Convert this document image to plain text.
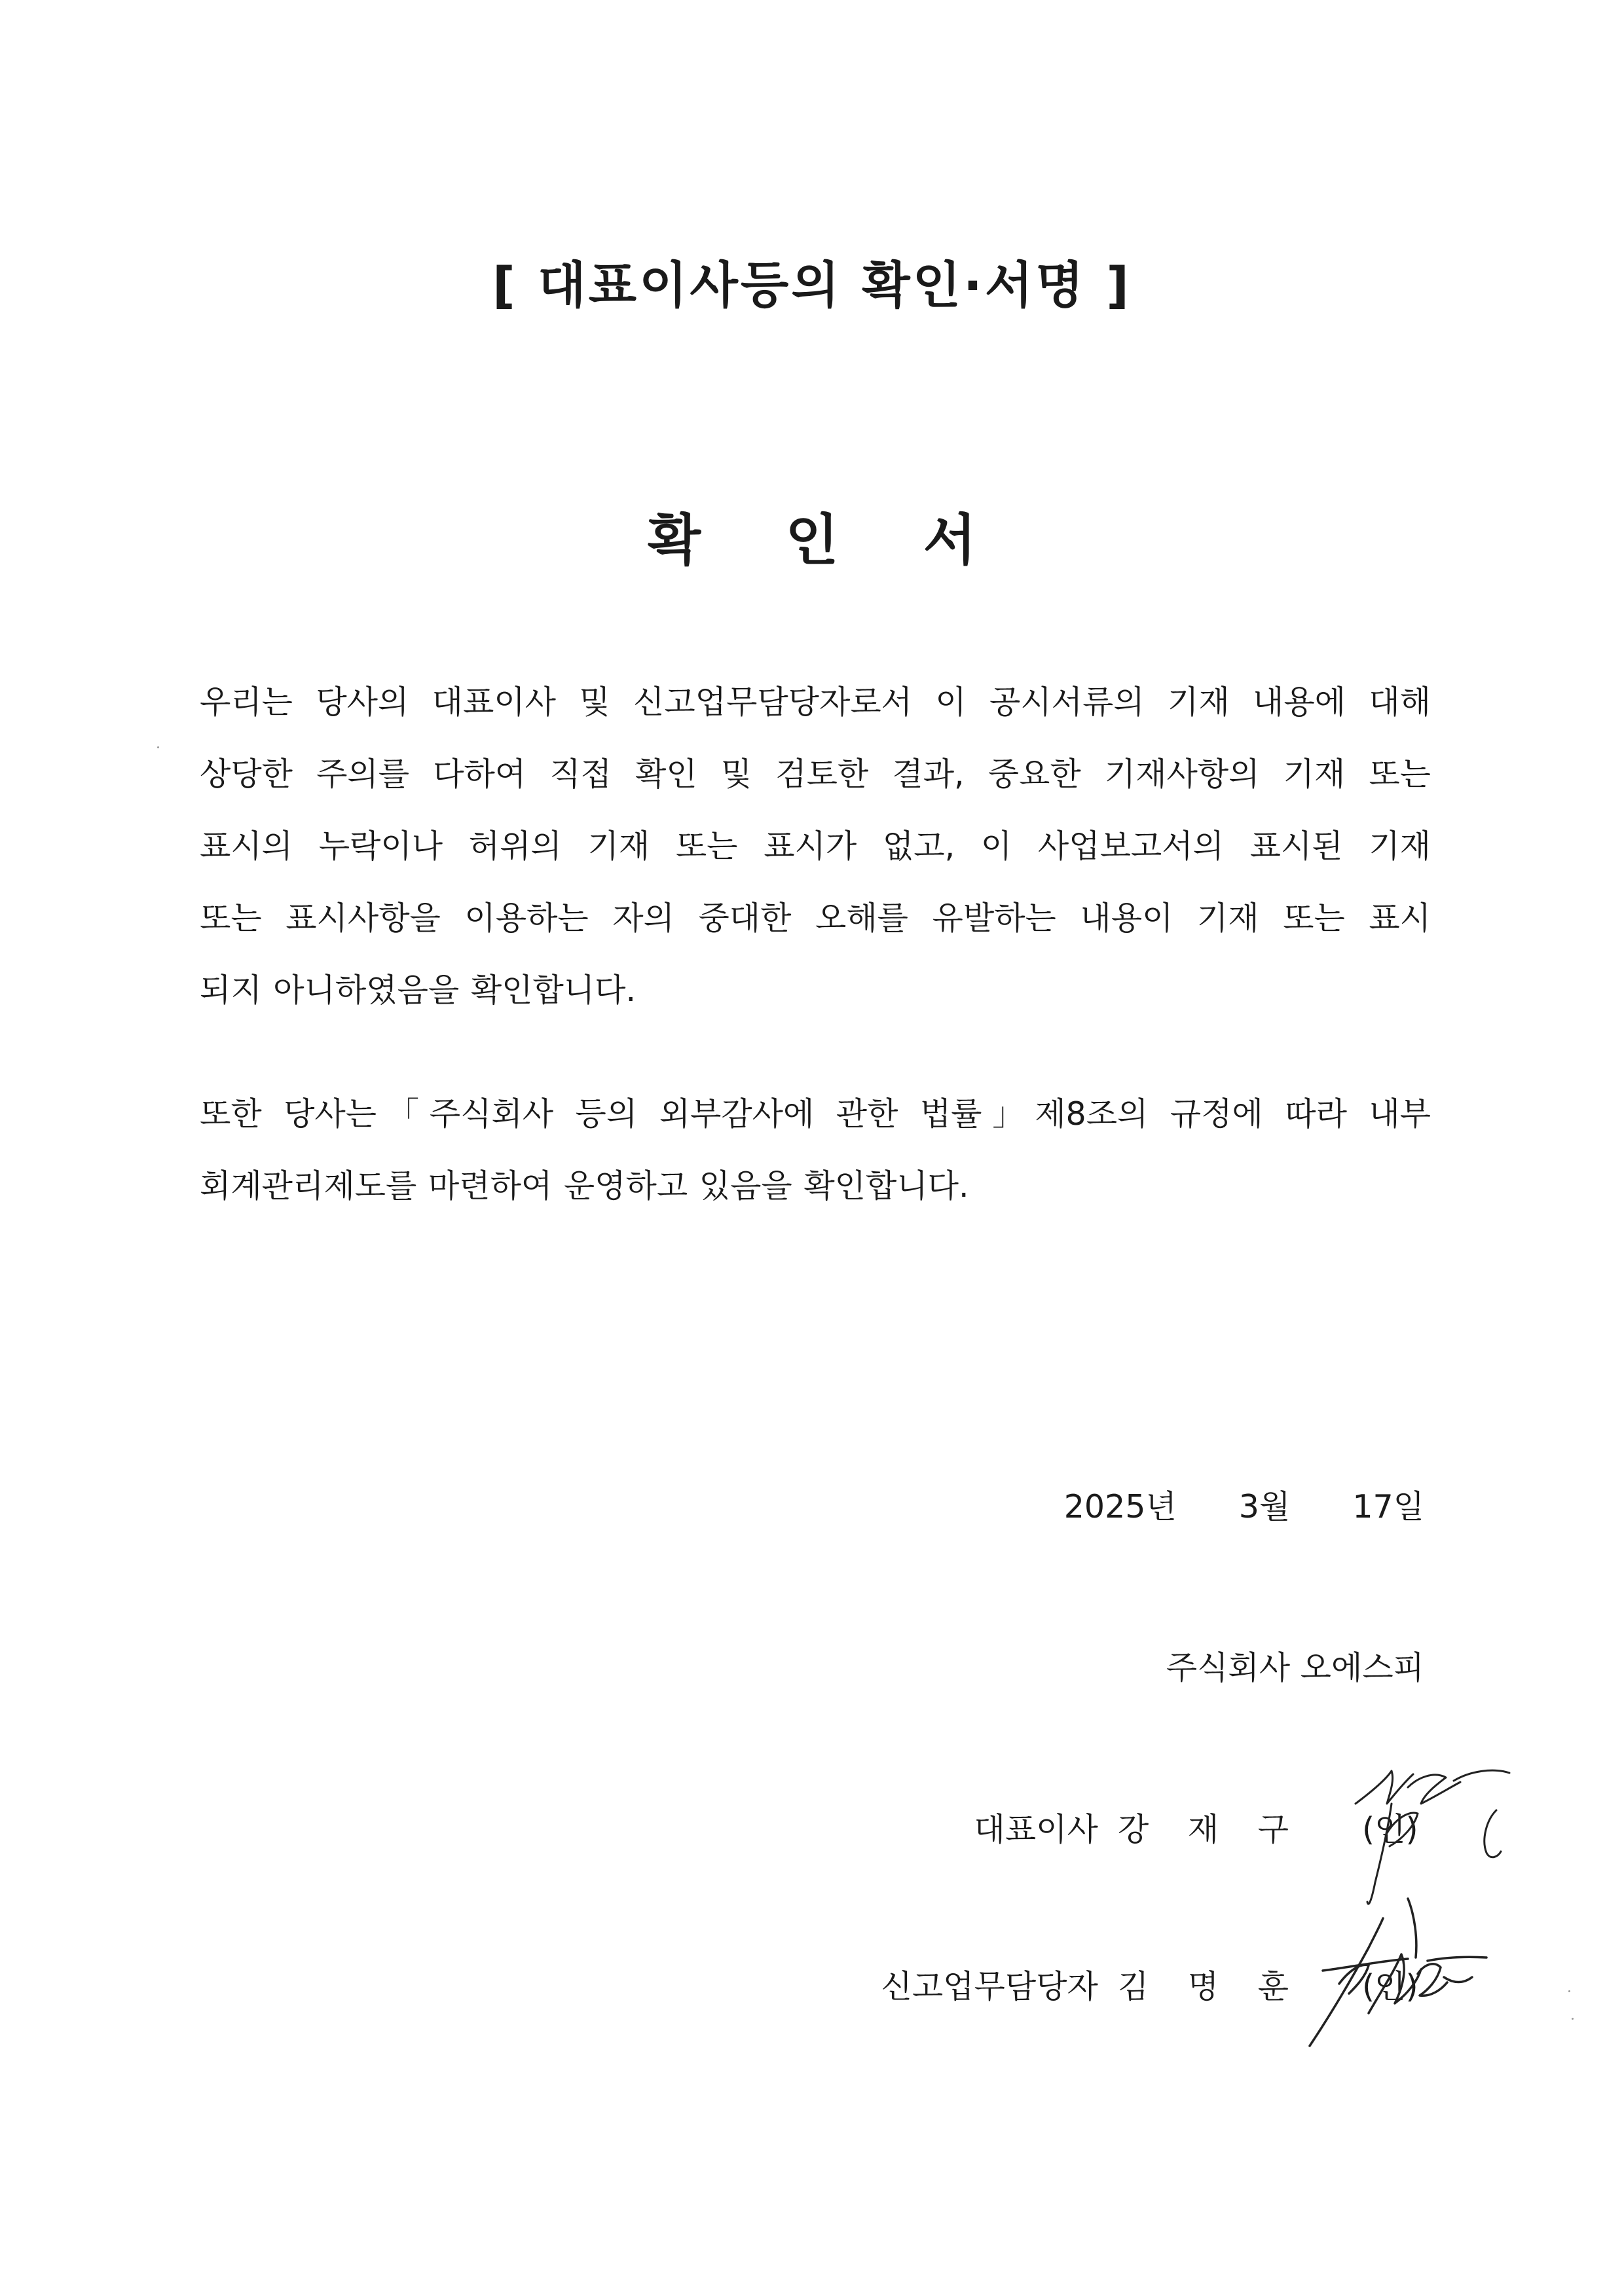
[ 대표이사등의 확인·서명 ]
확 인 서
우리는 당사의 대표이사 및 신고업무담당자로서 이 공시서류의 기재 내용에 대해
상당한 주의를 다하여 직접 확인 및 검토한 결과, 중요한 기재사항의 기재 또는
표시의 누락이나 허위의 기재 또는 표시가 없고, 이 사업보고서의 표시된 기재
또는 표시사항을 이용하는 자의 중대한 오해를 유발하는 내용이 기재 또는 표시
되지 아니하였음을 확인합니다.
또한 당사는「주식회사 등의 외부감사에 관한 법률」제8조의 규정에 따라 내부
회계관리제도를 마련하여 운영하고 있음을 확인합니다.
2025년 3월 17일
주식회사 오에스피
대표이사 강 재 구 (인)
신고업무담당자 김 명 훈 (인)
